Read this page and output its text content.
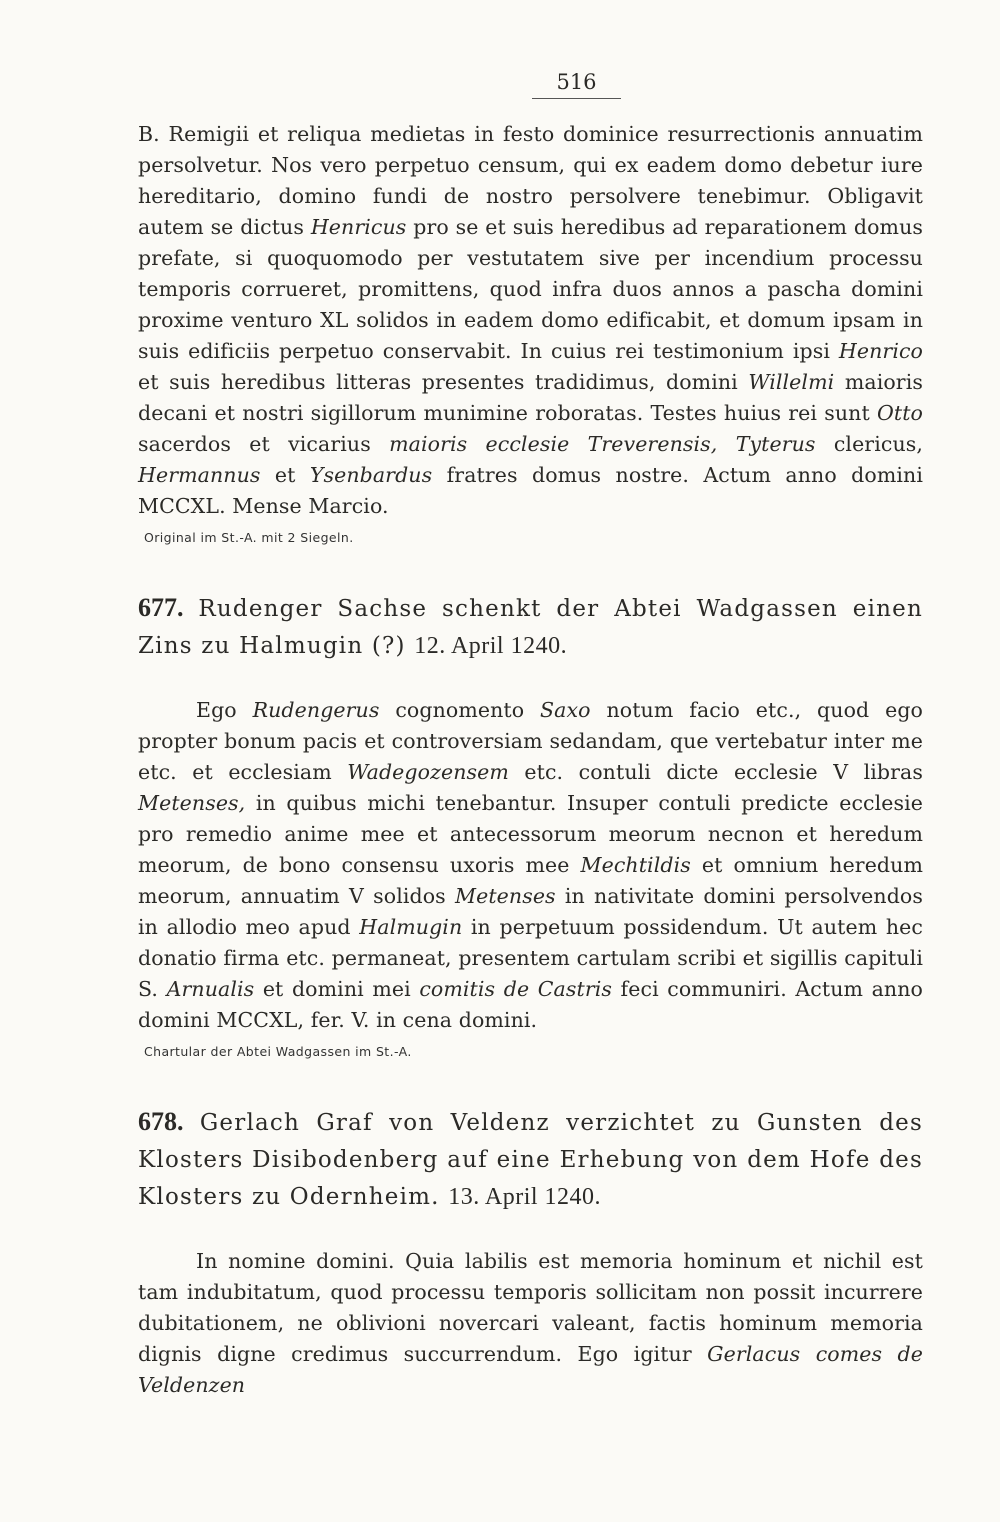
516

B. Remigii et reliqua medietas in festo dominice resurrectionis annuatim persolvetur. Nos vero perpetuo censum, qui ex eadem domo debetur iure hereditario, domino fundi de nostro persolvere tenebimur. Obligavit autem se dictus Henricus pro se et suis heredibus ad reparationem domus prefate, si quoquomodo per vestutatem sive per incendium processu temporis corrueret, promittens, quod infra duos annos a pascha domini proxime venturo XL solidos in eadem domo edificabit, et domum ipsam in suis edificiis perpetuo conservabit. In cuius rei testimonium ipsi Henrico et suis heredibus litteras presentes tradidimus, domini Willelmi maioris decani et nostri sigillorum munimine roboratas. Testes huius rei sunt Otto sacerdos et vicarius maioris ecclesie Treverensis, Tyterus clericus, Hermannus et Ysenbardus fratres domus nostre. Actum anno domini MCCXL. Mense Marcio.

Original im St.-A. mit 2 Siegeln.
677. Rudenger Sachse schenkt der Abtei Wadgassen einen Zins zu Halmugin (?) 12. April 1240.

Ego Rudengerus cognomento Saxo notum facio etc., quod ego propter bonum pacis et controversiam sedandam, que vertebatur inter me etc. et ecclesiam Wadegozensem etc. contuli dicte ecclesie V libras Metenses, in quibus michi tenebantur. Insuper contuli predicte ecclesie pro remedio anime mee et antecessorum meorum necnon et heredum meorum, de bono consensu uxoris mee Mechtildis et omnium heredum meorum, annuatim V solidos Metenses in nativitate domini persolvendos in allodio meo apud Halmugin in perpetuum possidendum. Ut autem hec donatio firma etc. permaneat, presentem cartulam scribi et sigillis capituli S. Arnualis et domini mei comitis de Castris feci communiri. Actum anno domini MCCXL, fer. V. in cena domini.

Chartular der Abtei Wadgassen im St.-A.
678. Gerlach Graf von Veldenz verzichtet zu Gunsten des Klosters Disibodenberg auf eine Erhebung von dem Hofe des Klosters zu Odernheim. 13. April 1240.

In nomine domini. Quia labilis est memoria hominum et nichil est tam indubitatum, quod processu temporis sollicitam non possit incurrere dubitationem, ne oblivioni novercari valeant, factis hominum memoria dignis digne credimus succurrendum. Ego igitur Gerlacus comes de Veldenzen
